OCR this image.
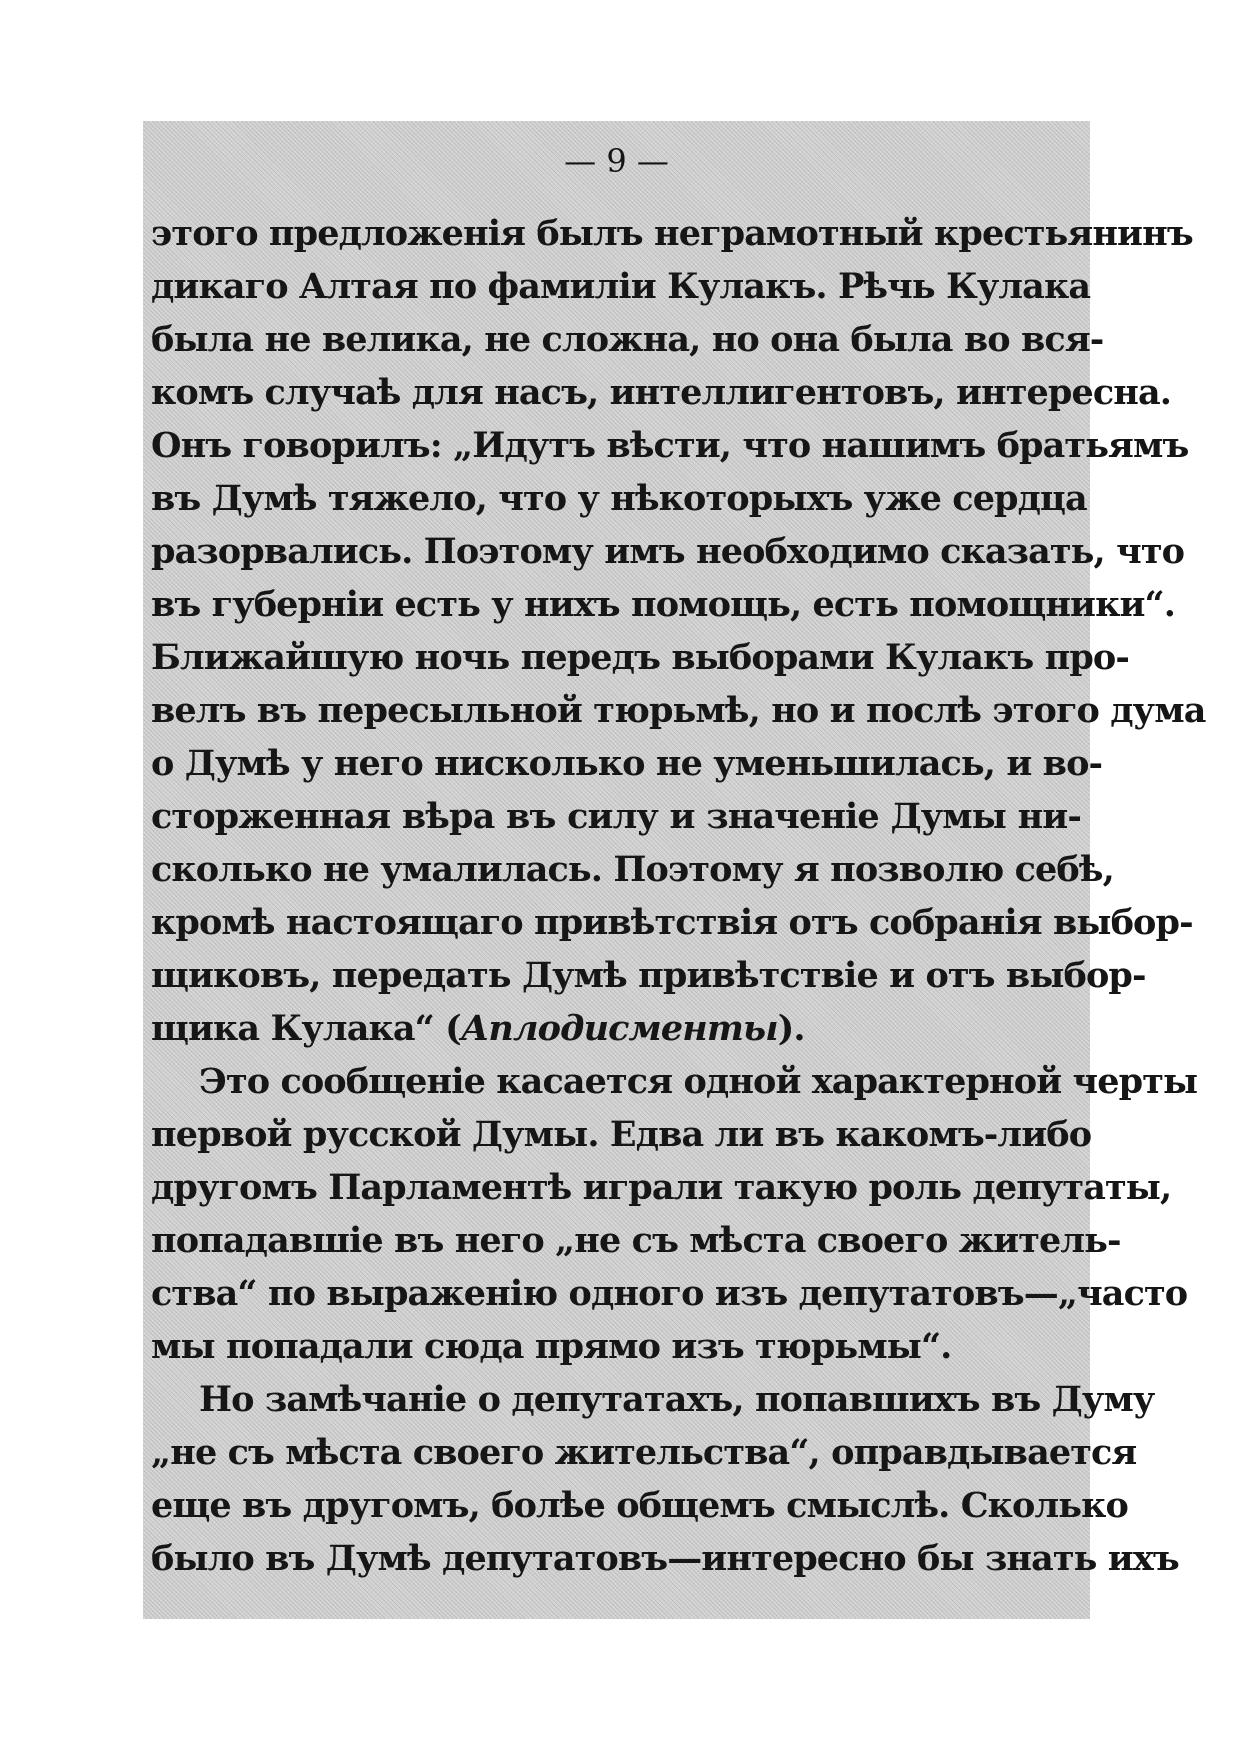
— 9 —
этого предложенія былъ неграмотный крестьянинъ
дикаго Алтая по фамиліи Кулакъ. Рѣчь Кулака
была не велика, не сложна, но она была во вся-
комъ случаѣ для насъ, интеллигентовъ, интересна.
Онъ говорилъ: „Идутъ вѣсти, что нашимъ братьямъ
въ Думѣ тяжело, что у нѣкоторыхъ уже сердца
разорвались. Поэтому имъ необходимо сказать, что
въ губерніи есть у нихъ помощь, есть помощники“.
Ближайшую ночь передъ выборами Кулакъ про-
велъ въ пересыльной тюрьмѣ, но и послѣ этого дума
о Думѣ у него нисколько не уменьшилась, и во-
сторженная вѣра въ силу и значеніе Думы ни-
сколько не умалилась. Поэтому я позволю себѣ,
кромѣ настоящаго привѣтствія отъ собранія выбор-
щиковъ, передать Думѣ привѣтствіе и отъ выбор-
щика Кулака“ (Аплодисменты).
Это сообщеніе касается одной характерной черты
первой русской Думы. Едва ли въ какомъ-либо
другомъ Парламентѣ играли такую роль депутаты,
попадавшіе въ него „не съ мѣста своего житель-
ства“ по выраженію одного изъ депутатовъ—„часто
мы попадали сюда прямо изъ тюрьмы“.
Но замѣчаніе о депутатахъ, попавшихъ въ Думу
„не съ мѣста своего жительства“, оправдывается
еще въ другомъ, болѣе общемъ смыслѣ. Сколько
было въ Думѣ депутатовъ—интересно бы знать ихъ
